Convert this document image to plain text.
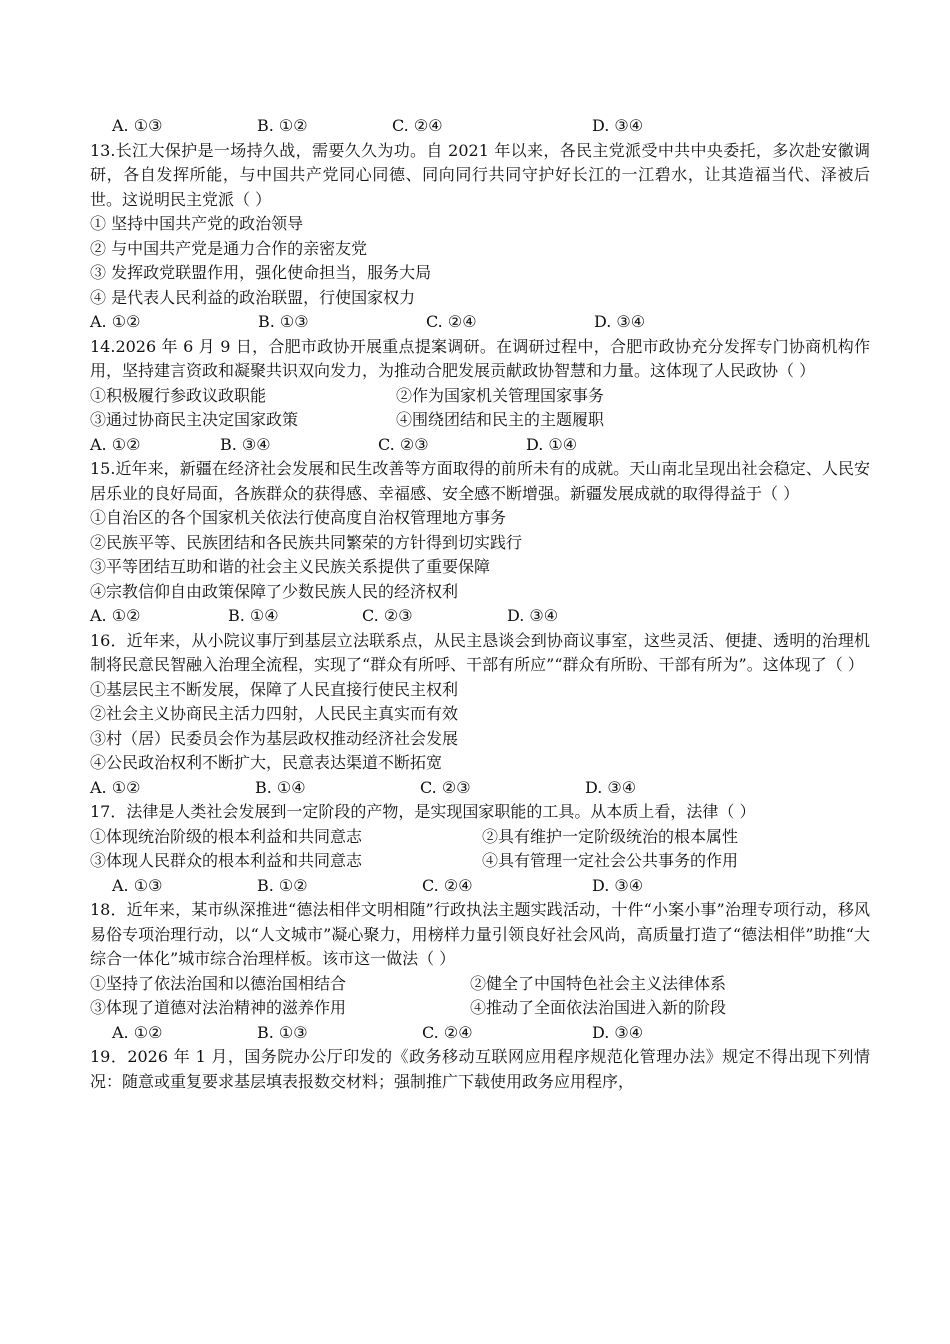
A. ①③	B. ①②	C. ②④	D. ③④
13.长江大保护是一场持久战，需要久久为功。自 2021 年以来，各民主党派受中共中央委托，多次赴安徽调研，各自发挥所能，与中国共产党同心同德、同向同行共同守护好长江的一江碧水，让其造福当代、泽被后世。这说明民主党派（ ）
① 坚持中国共产党的政治领导
② 与中国共产党是通力合作的亲密友党
③ 发挥政党联盟作用，强化使命担当，服务大局
④ 是代表人民利益的政治联盟，行使国家权力
A. ①②	B. ①③	C. ②④	D. ③④
14.2026 年 6 月 9 日，合肥市政协开展重点提案调研。在调研过程中，合肥市政协充分发挥专门协商机构作用，坚持建言资政和凝聚共识双向发力，为推动合肥发展贡献政协智慧和力量。这体现了人民政协（ ）
①积极履行参政议政职能	②作为国家机关管理国家事务
③通过协商民主决定国家政策	④围绕团结和民主的主题履职
A. ①②	B. ③④	C. ②③	D. ①④
15.近年来，新疆在经济社会发展和民生改善等方面取得的前所未有的成就。天山南北呈现出社会稳定、人民安居乐业的良好局面，各族群众的获得感、幸福感、安全感不断增强。新疆发展成就的取得得益于（ ）
①自治区的各个国家机关依法行使高度自治权管理地方事务
②民族平等、民族团结和各民族共同繁荣的方针得到切实践行
③平等团结互助和谐的社会主义民族关系提供了重要保障
④宗教信仰自由政策保障了少数民族人民的经济权利
A. ①②	B. ①④	C. ②③	D. ③④
16．近年来，从小院议事厅到基层立法联系点，从民主恳谈会到协商议事室，这些灵活、便捷、透明的治理机制将民意民智融入治理全流程，实现了“群众有所呼、干部有所应”“群众有所盼、干部有所为”。这体现了（ ）
①基层民主不断发展，保障了人民直接行使民主权利
②社会主义协商民主活力四射，人民民主真实而有效
③村（居）民委员会作为基层政权推动经济社会发展
④公民政治权利不断扩大，民意表达渠道不断拓宽
A. ①②	B. ①④	C. ②③	D. ③④
17．法律是人类社会发展到一定阶段的产物，是实现国家职能的工具。从本质上看，法律（ ）
①体现统治阶级的根本利益和共同意志	②具有维护一定阶级统治的根本属性
③体现人民群众的根本利益和共同意志	④具有管理一定社会公共事务的作用
A. ①③	B. ①②	C. ②④	D. ③④
18．近年来，某市纵深推进“德法相伴文明相随”行政执法主题实践活动，十件“小案小事”治理专项行动，移风易俗专项治理行动，以“人文城市”凝心聚力，用榜样力量引领良好社会风尚，高质量打造了“德法相伴”助推“大综合一体化”城市综合治理样板。该市这一做法（ ）
①坚持了依法治国和以德治国相结合	②健全了中国特色社会主义法律体系
③体现了道德对法治精神的滋养作用	④推动了全面依法治国进入新的阶段
A. ①②	B. ①③	C. ②④	D. ③④
19．2026 年 1 月，国务院办公厅印发的《政务移动互联网应用程序规范化管理办法》规定不得出现下列情况：随意或重复要求基层填表报数交材料；强制推广下载使用政务应用程序，
